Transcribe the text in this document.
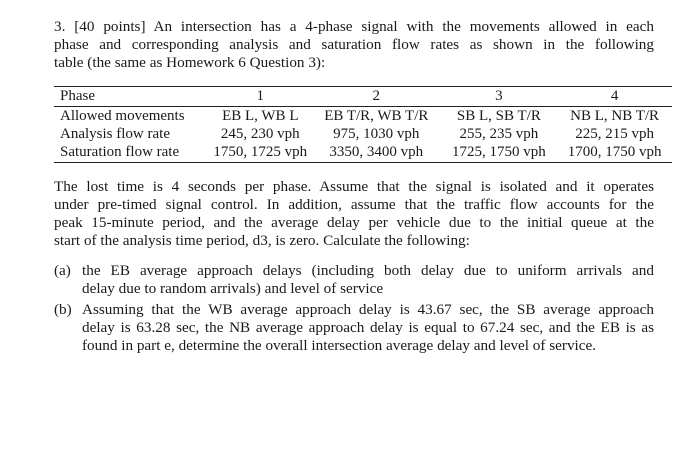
3. [40 points] An intersection has a 4-phase signal with the movements allowed in each
phase and corresponding analysis and saturation flow rates as shown in the following
table (the same as Homework 6 Question 3):
Phase	1	2	3	4
Allowed movements	EB L, WB L	EB T/R, WB T/R	SB L, SB T/R	NB L, NB T/R
Analysis flow rate	245, 230 vph	975, 1030 vph	255, 235 vph	225, 215 vph
Saturation flow rate	1750, 1725 vph	3350, 3400 vph	1725, 1750 vph	1700, 1750 vph
The lost time is 4 seconds per phase. Assume that the signal is isolated and it operates
under pre-timed signal control. In addition, assume that the traffic flow accounts for the
peak 15-minute period, and the average delay per vehicle due to the initial queue at the
start of the analysis time period, d3, is zero. Calculate the following:
(a) the EB average approach delays (including both delay due to uniform arrivals and
delay due to random arrivals) and level of service
(b) Assuming that the WB average approach delay is 43.67 sec, the SB average approach
delay is 63.28 sec, the NB average approach delay is equal to 67.24 sec, and the EB is as
found in part e, determine the overall intersection average delay and level of service.
